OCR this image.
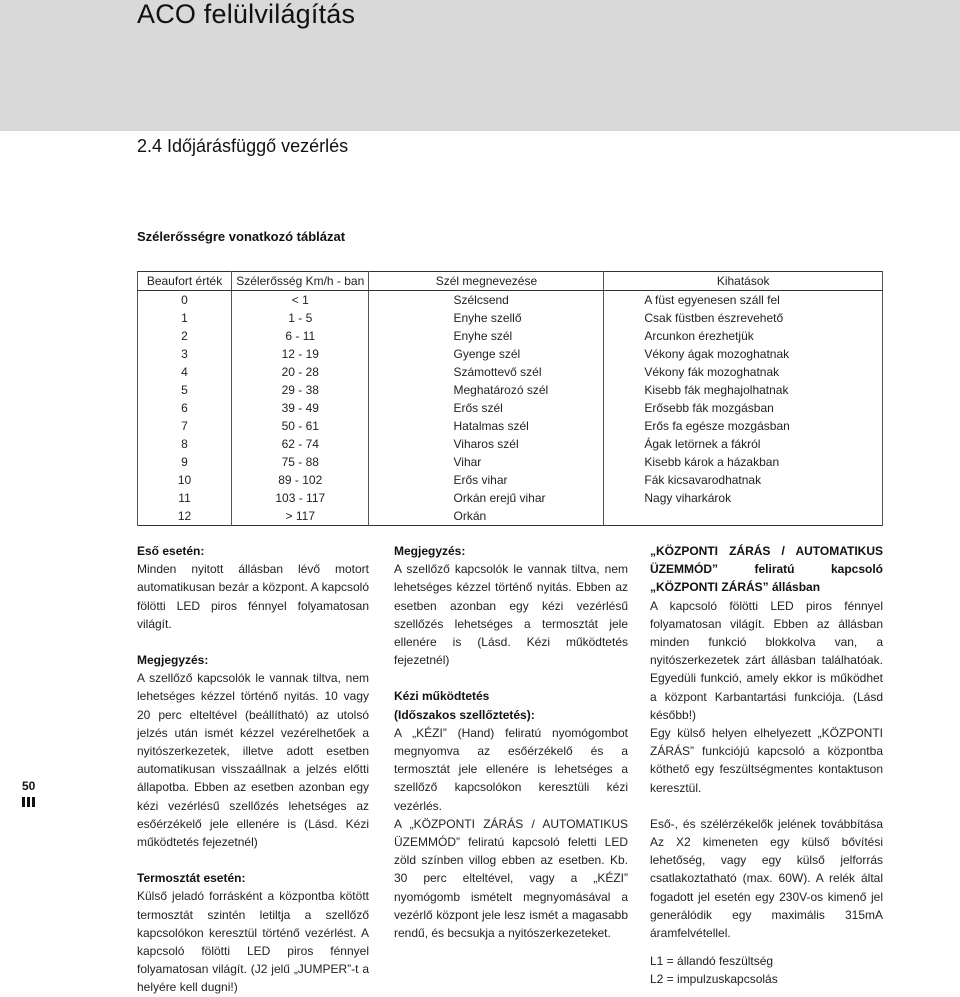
ACO felülvilágítás
2.4 Időjárásfüggő vezérlés
Szélerősségre vonatkozó táblázat
Beaufort érték	Szélerősség Km/h - ban	Szél megnevezése	Kihatások
0	< 1	Szélcsend	A füst egyenesen száll fel
1	1 - 5	Enyhe szellő	Csak füstben észrevehető
2	6 - 11	Enyhe szél	Arcunkon érezhetjük
3	12 - 19	Gyenge szél	Vékony ágak mozoghatnak
4	20 - 28	Számottevő szél	Vékony fák mozoghatnak
5	29 - 38	Meghatározó szél	Kisebb fák meghajolhatnak
6	39 - 49	Erős szél	Erősebb fák mozgásban
7	50 - 61	Hatalmas szél	Erős fa egésze mozgásban
8	62 - 74	Viharos szél	Ágak letörnek a fákról
9	75 - 88	Vihar	Kisebb károk a házakban
10	89 - 102	Erős vihar	Fák kicsavarodhatnak
11	103 - 117	Orkán erejű vihar	Nagy viharkárok
12	> 117	Orkán	

Eső esetén:

Minden nyitott állásban lévő motort automatikusan bezár a központ. A kapcsoló fölötti LED piros fénnyel folyamatosan világít.

Megjegyzés:

A szellőző kapcsolók le vannak tiltva, nem lehetséges kézzel történő nyitás. 10 vagy 20 perc elteltével (beállítható) az utolsó jelzés után ismét kézzel vezérelhetőek a nyitószerkezetek, illetve adott esetben automatikusan visszaállnak a jelzés előtti állapotba. Ebben az esetben azonban egy kézi vezérlésű szellőzés lehetséges az esőérzékelő jele ellenére is (Lásd. Kézi működtetés fejezetnél)

Termosztát esetén:

Külső jeladó forrásként a központba kötött termosztát szintén letiltja a szellőző kapcsolókon keresztül történő vezérlést. A kapcsoló fölötti LED piros fénnyel folyamatosan világít. (J2 jelű „JUMPER”-t a helyére kell dugni!)

Megjegyzés:

A szellőző kapcsolók le vannak tiltva, nem lehetséges kézzel történő nyitás. Ebben az esetben azonban egy kézi vezérlésű szellőzés lehetséges a termosztát jele ellenére is (Lásd. Kézi működtetés fejezetnél)

Kézi működtetés

(Időszakos szellőztetés):

A „KÉZI” (Hand) feliratú nyomógombot megnyomva az esőérzékelő és a termosztát jele ellenére is lehetséges a szellőző kapcsolókon keresztüli kézi vezérlés.

A „KÖZPONTI ZÁRÁS / AUTOMATIKUS ÜZEMMÓD” feliratú kapcsoló feletti LED zöld színben villog ebben az esetben. Kb. 30 perc elteltével, vagy a „KÉZI” nyomógomb ismételt megnyomásával a vezérlő központ jele lesz ismét a magasabb rendű, és becsukja a nyitószerkezeteket.

„KÖZPONTI ZÁRÁS / AUTOMATIKUS ÜZEMMÓD” feliratú kapcsoló „KÖZPONTI ZÁRÁS” állásban

A kapcsoló fölötti LED piros fénnyel folyamatosan világít. Ebben az állásban minden funkció blokkolva van, a nyitószerkezetek zárt állásban találhatóak. Egyedüli funkció, amely ekkor is működhet a központ Karbantartási funkciója. (Lásd később!)

Egy külső helyen elhelyezett „KÖZPONTI ZÁRÁS” funkciójú kapcsoló a központba köthető egy feszültségmentes kontaktuson keresztül.

Eső-, és szélérzékelők jelének továbbítása Az X2 kimeneten egy külső bővítési lehetőség, vagy egy külső jelforrás csatlakoztatható (max. 60W). A relék által fogadott jel esetén egy 230V-os kimenő jel generálódik egy maximális 315mA áramfelvétellel.

L1 = állandó feszültség

L2 = impulzuskapcsolás

50
